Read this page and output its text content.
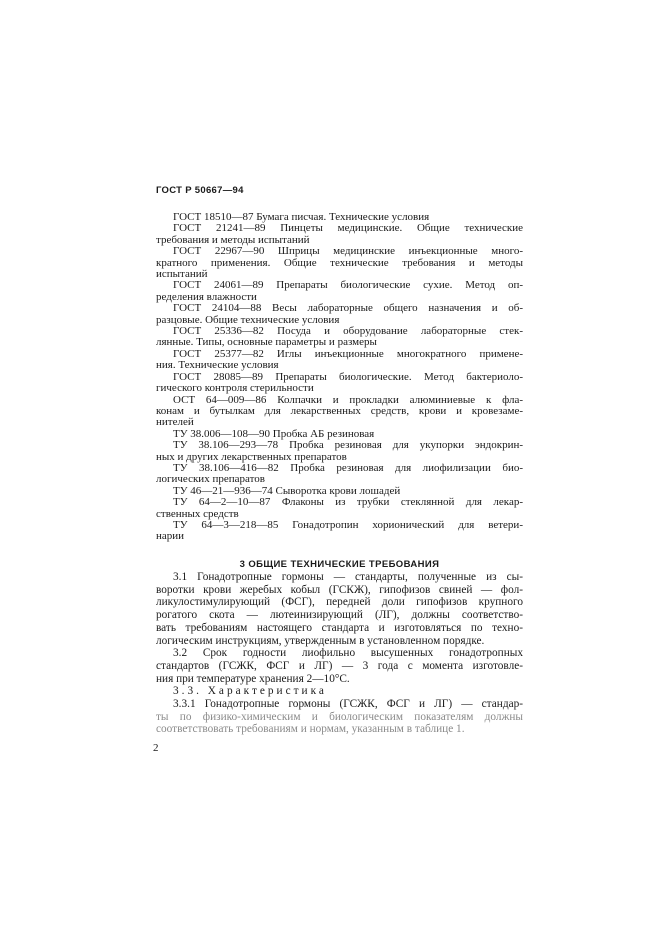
ГОСТ Р 50667—94
ГОСТ 18510—87 Бумага писчая. Технические условия
ГОСТ 21241—89 Пинцеты медицинские. Общие технические
требования и методы испытаний
ГОСТ 22967—90 Шприцы медицинские инъекционные много-
кратного применения. Общие технические требования и методы
испытаний
ГОСТ 24061—89 Препараты биологические сухие. Метод оп-
ределения влажности
ГОСТ 24104—88 Весы лабораторные общего назначения и об-
разцовые. Общие технические условия
ГОСТ 25336—82 Посуда и оборудование лабораторные стек-
лянные. Типы, основные параметры и размеры
ГОСТ 25377—82 Иглы инъекционные многократного примене-
ния. Технические условия
ГОСТ 28085—89 Препараты биологические. Метод бактериоло-
гического контроля стерильности
ОСТ 64—009—86 Колпачки и прокладки алюминиевые к фла-
конам и бутылкам для лекарственных средств, крови и кровезаме-
нителей
ТУ 38.006—108—90 Пробка АБ резиновая
ТУ 38.106—293—78 Пробка резиновая для укупорки эндокрин-
ных и других лекарственных препаратов
ТУ 38.106—416—82 Пробка резиновая для лиофилизации био-
логических препаратов
ТУ 46—21—936—74 Сыворотка крови лошадей
ТУ 64—2—10—87 Флаконы из трубки стеклянной для лекар-
ственных средств
ТУ 64—3—218—85 Гонадотропин хорионический для ветери-
нарии
3 ОБЩИЕ ТЕХНИЧЕСКИЕ ТРЕБОВАНИЯ
3.1 Гонадотропные гормоны — стандарты, полученные из сы-
воротки крови жеребых кобыл (ГСКЖ), гипофизов свиней — фол-
ликулостимулирующий (ФСГ), передней доли гипофизов крупного
рогатого скота — лютеинизирующий (ЛГ), должны соответство-
вать требованиям настоящего стандарта и изготовляться по техно-
логическим инструкциям, утвержденным в установленном порядке.
3.2 Срок годности лиофильно высушенных гонадотропных
стандартов (ГСЖК, ФСГ и ЛГ) — 3 года с момента изготовле-
ния при температуре хранения 2—10°С.
3.3. Характеристика
3.3.1 Гонадотропные гормоны (ГСЖК, ФСГ и ЛГ) — стандар-
ты по физико-химическим и биологическим показателям должны
соответствовать требованиям и нормам, указанным в таблице 1.
2
